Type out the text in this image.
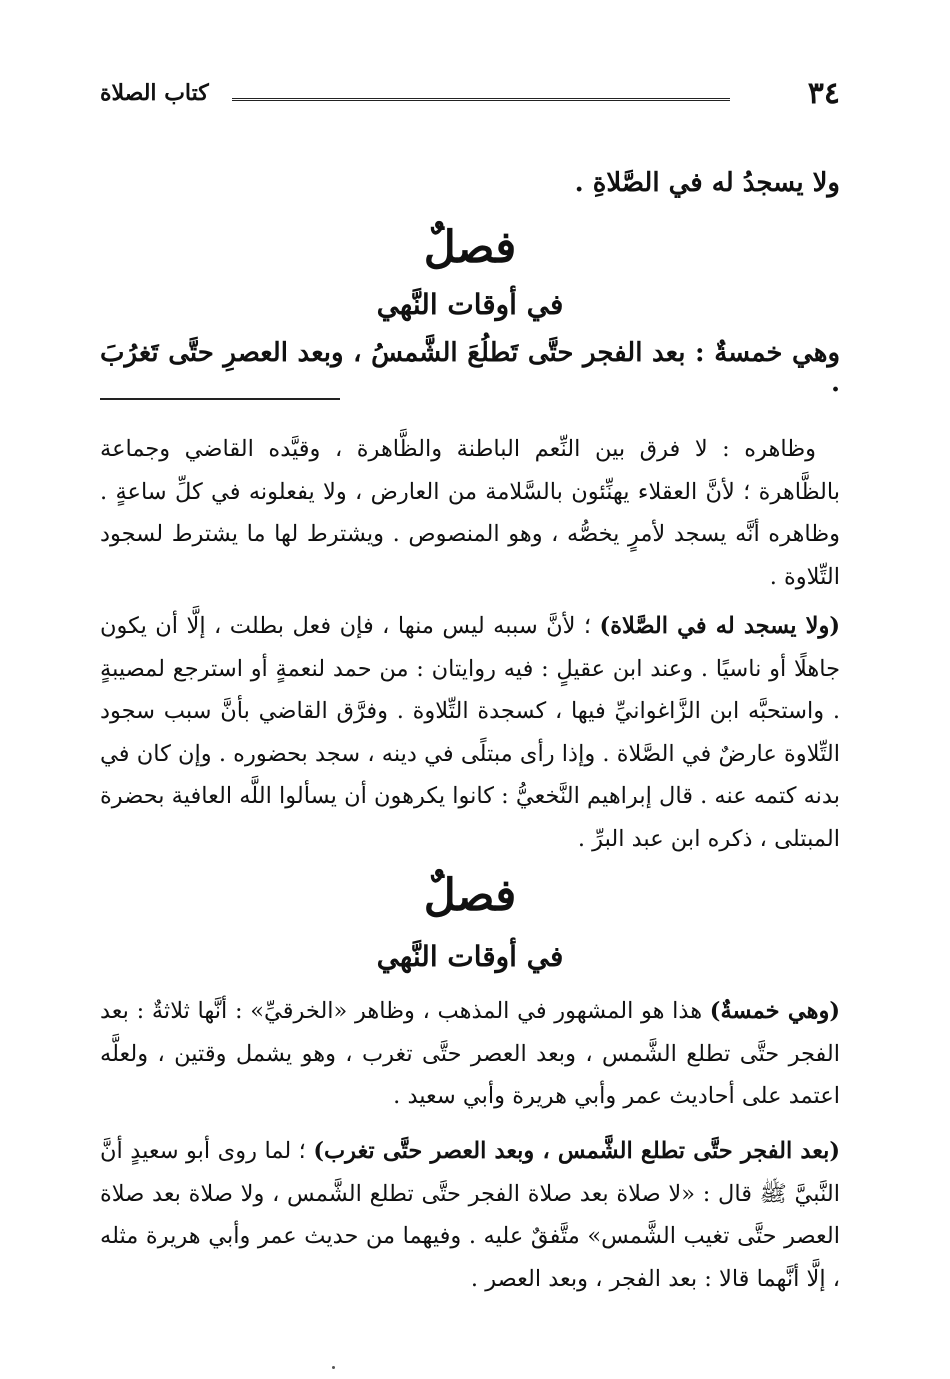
٣٤
كتاب الصلاة
ولا يسجدُ له في الصَّلاةِ .
فصلٌ
في أوقات النَّهي
وهي خمسةٌ : بعد الفجر حتَّى تَطلُعَ الشَّمسُ ، وبعد العصرِ حتَّى تَغرُبَ .
وظاهره : لا فرق بين النِّعم الباطنة والظَّاهرة ، وقيَّده القاضي وجماعة بالظَّاهرة ؛ لأنَّ العقلاء يهنِّئون بالسَّلامة من العارض ، ولا يفعلونه في كلِّ ساعةٍ . وظاهره أنَّه يسجد لأمرٍ يخصُّه ، وهو المنصوص . ويشترط لها ما يشترط لسجود التِّلاوة .
(ولا يسجد له في الصَّلاة) ؛ لأنَّ سببه ليس منها ، فإن فعل بطلت ، إلَّا أن يكون جاهلًا أو ناسيًا . وعند ابن عقيلٍ : فيه روايتان : من حمد لنعمةٍ أو استرجع لمصيبةٍ . واستحبَّه ابن الزَّاغوانيِّ فيها ، كسجدة التِّلاوة . وفرَّق القاضي بأنَّ سبب سجود التِّلاوة عارضٌ في الصَّلاة . وإذا رأى مبتلًى في دينه ، سجد بحضوره . وإن كان في بدنه كتمه عنه . قال إبراهيم النَّخعيُّ : كانوا يكرهون أن يسألوا اللَّه العافية بحضرة المبتلى ، ذكره ابن عبد البرِّ .
فصلٌ
في أوقات النَّهي
(وهي خمسةٌ) هذا هو المشهور في المذهب ، وظاهر «الخرقيِّ» : أنَّها ثلاثةٌ : بعد الفجر حتَّى تطلع الشَّمس ، وبعد العصر حتَّى تغرب ، وهو يشمل وقتين ، ولعلَّه اعتمد على أحاديث عمر وأبي هريرة وأبي سعيد .
(بعد الفجر حتَّى تطلع الشَّمس ، وبعد العصر حتَّى تغرب) ؛ لما روى أبو سعيدٍ أنَّ النَّبيَّ ﷺ قال : «لا صلاة بعد صلاة الفجر حتَّى تطلع الشَّمس ، ولا صلاة بعد صلاة العصر حتَّى تغيب الشَّمس» متَّفقٌ عليه . وفيهما من حديث عمر وأبي هريرة مثله ، إلَّا أنَّهما قالا : بعد الفجر ، وبعد العصر .
